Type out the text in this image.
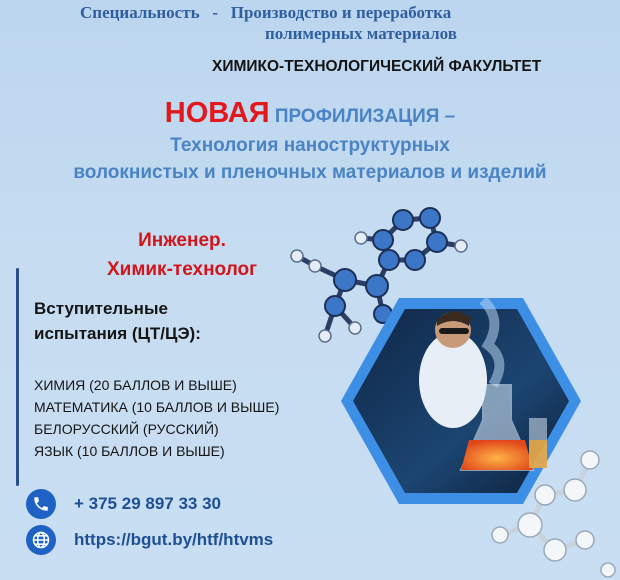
Специальность   -   Производство и переработка
полимерных материалов
ХИМИКО-ТЕХНОЛОГИЧЕСКИЙ ФАКУЛЬТЕТ
НОВАЯ ПРОФИЛИЗАЦИЯ –
Технология наноструктурных
волокнистых и пленочных материалов и изделий
Инженер.
Химик-технолог
Вступительные
испытания (ЦТ/ЦЭ):
ХИМИЯ (20 БАЛЛОВ И ВЫШЕ)
МАТЕМАТИКА (10 БАЛЛОВ И ВЫШЕ)
БЕЛОРУССКИЙ (РУССКИЙ)
ЯЗЫК (10 БАЛЛОВ И ВЫШЕ)
+ 375 29 897 33 30
https://bgut.by/htf/htvms
